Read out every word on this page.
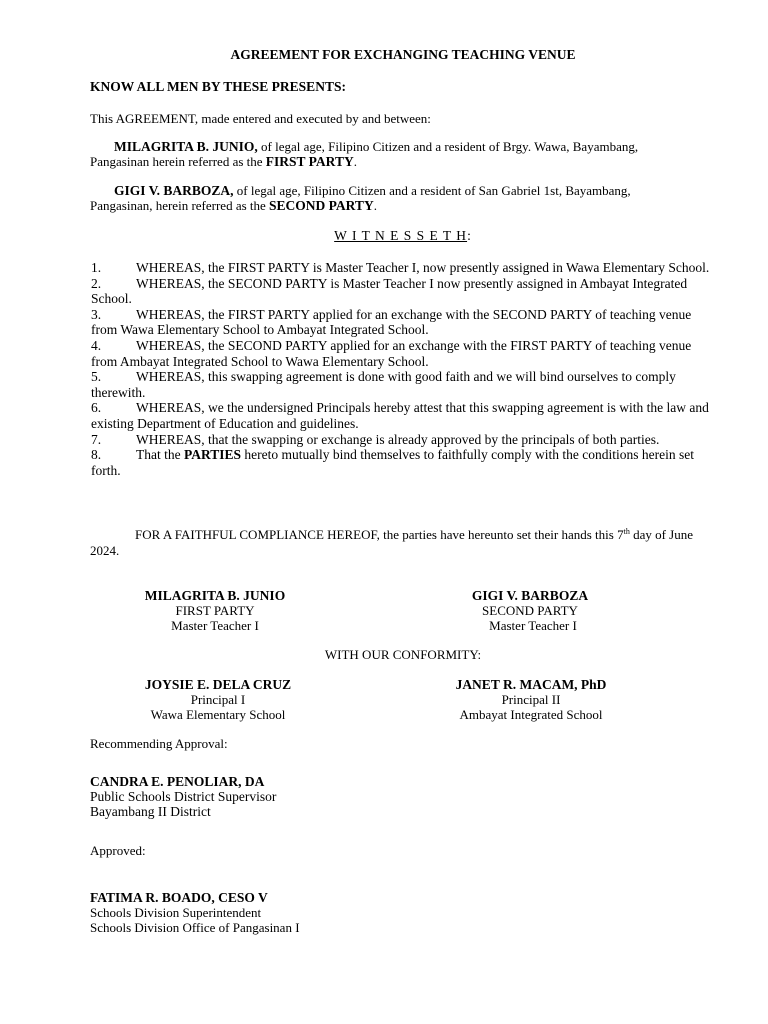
AGREEMENT FOR EXCHANGING TEACHING VENUE
KNOW ALL MEN BY THESE PRESENTS:
This AGREEMENT, made entered and executed by and between:
MILAGRITA B. JUNIO, of legal age, Filipino Citizen and a resident of Brgy. Wawa, Bayambang, Pangasinan herein referred as the FIRST PARTY.
GIGI V. BARBOZA, of legal age, Filipino Citizen and a resident of San Gabriel 1st, Bayambang, Pangasinan, herein referred as the SECOND PARTY.
W I T N E S S E T H:
1.	WHEREAS, the FIRST PARTY is Master Teacher I, now presently assigned in Wawa Elementary School.
2.	WHEREAS, the SECOND PARTY is Master Teacher I now presently assigned in Ambayat Integrated School.
3.	WHEREAS, the FIRST PARTY applied for an exchange with the SECOND PARTY of teaching venue from Wawa Elementary School to Ambayat Integrated School.
4.	WHEREAS, the SECOND PARTY applied for an exchange with the FIRST PARTY of teaching venue from Ambayat Integrated School to Wawa Elementary School.
5.	WHEREAS, this swapping agreement is done with good faith and we will bind ourselves to comply therewith.
6.	WHEREAS, we the undersigned Principals hereby attest that this swapping agreement is with the law and existing Department of Education and guidelines.
7.	WHEREAS, that the swapping or exchange is already approved by the principals of both parties.
8.	That the PARTIES hereto mutually bind themselves to faithfully comply with the conditions herein set forth.
FOR A FAITHFUL COMPLIANCE HEREOF, the parties have hereunto set their hands this 7th day of June 2024.
MILAGRITA B. JUNIO
FIRST PARTY
Master Teacher I
GIGI V. BARBOZA
SECOND PARTY
Master Teacher I
WITH OUR CONFORMITY:
JOYSIE E. DELA CRUZ
Principal I
Wawa Elementary School
JANET R. MACAM, PhD
Principal II
Ambayat Integrated School
Recommending Approval:
CANDRA E. PENOLIAR, DA
Public Schools District Supervisor
Bayambang II District
Approved:
FATIMA R. BOADO, CESO V
Schools Division Superintendent
Schools Division Office of Pangasinan I
